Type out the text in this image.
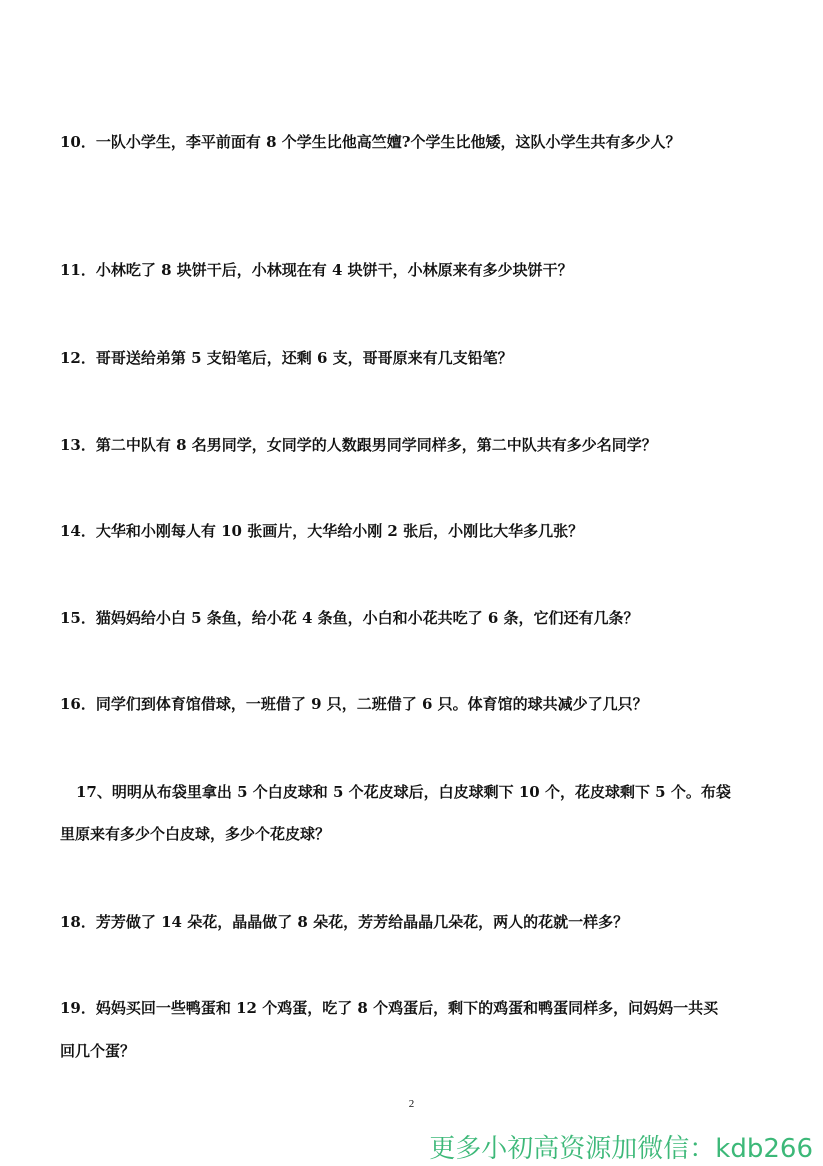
10．一队小学生，李平前面有 8 个学生比他高竺嬗?个学生比他矮，这队小学生共有多少人？

11．小林吃了 8 块饼干后，小林现在有 4 块饼干，小林原来有多少块饼干？

12．哥哥送给弟第 5 支铅笔后，还剩 6 支，哥哥原来有几支铅笔？

13．第二中队有 8 名男同学，女同学的人数跟男同学同样多，第二中队共有多少名同学？

14．大华和小刚每人有 10 张画片，大华给小刚 2 张后，小刚比大华多几张？

15．猫妈妈给小白 5 条鱼，给小花 4 条鱼，小白和小花共吃了 6 条，它们还有几条？

16．同学们到体育馆借球，一班借了 9 只，二班借了 6 只。体育馆的球共减少了几只？

17、明明从布袋里拿出 5 个白皮球和 5 个花皮球后，白皮球剩下 10 个，花皮球剩下 5 个。布袋

里原来有多少个白皮球，多少个花皮球？

18．芳芳做了 14 朵花，晶晶做了 8 朵花，芳芳给晶晶几朵花，两人的花就一样多？

19．妈妈买回一些鸭蛋和 12 个鸡蛋，吃了 8 个鸡蛋后，剩下的鸡蛋和鸭蛋同样多，问妈妈一共买

回几个蛋？

2
更多小初高资源加微信：kdb266
